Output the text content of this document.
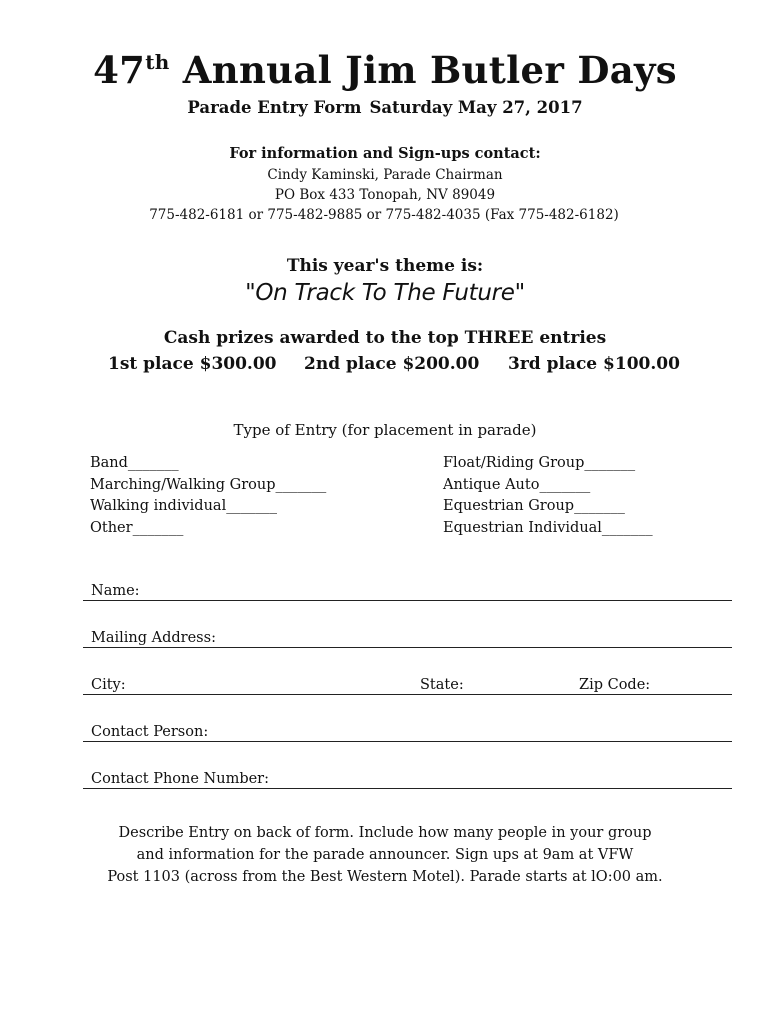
47th Annual Jim Butler Days
Parade Entry Form Saturday May 27, 2017
For information and Sign-ups contact:
Cindy Kaminski, Parade Chairman
PO Box 433 Tonopah, NV 89049
775-482-6181 or 775-482-9885 or 775-482-4035 (Fax 775-482-6182)
This year's theme is:
"On Track To The Future"
Cash prizes awarded to the top THREE entries
1st place $300.00 2nd place $200.00 3rd place $100.00
Type of Entry (for placement in parade)
Band_______
Marching/Walking Group_______
Walking individual_______
Other_______
Float/Riding Group_______
Antique Auto_______
Equestrian Group_______
Equestrian Individual_______
Name:
Mailing Address:
City:	State:	Zip Code:
Contact Person:
Contact Phone Number:
Describe Entry on back of form. Include how many people in your group
and information for the parade announcer. Sign ups at 9am at VFW
Post 1103 (across from the Best Western Motel). Parade starts at lO:00 am.
